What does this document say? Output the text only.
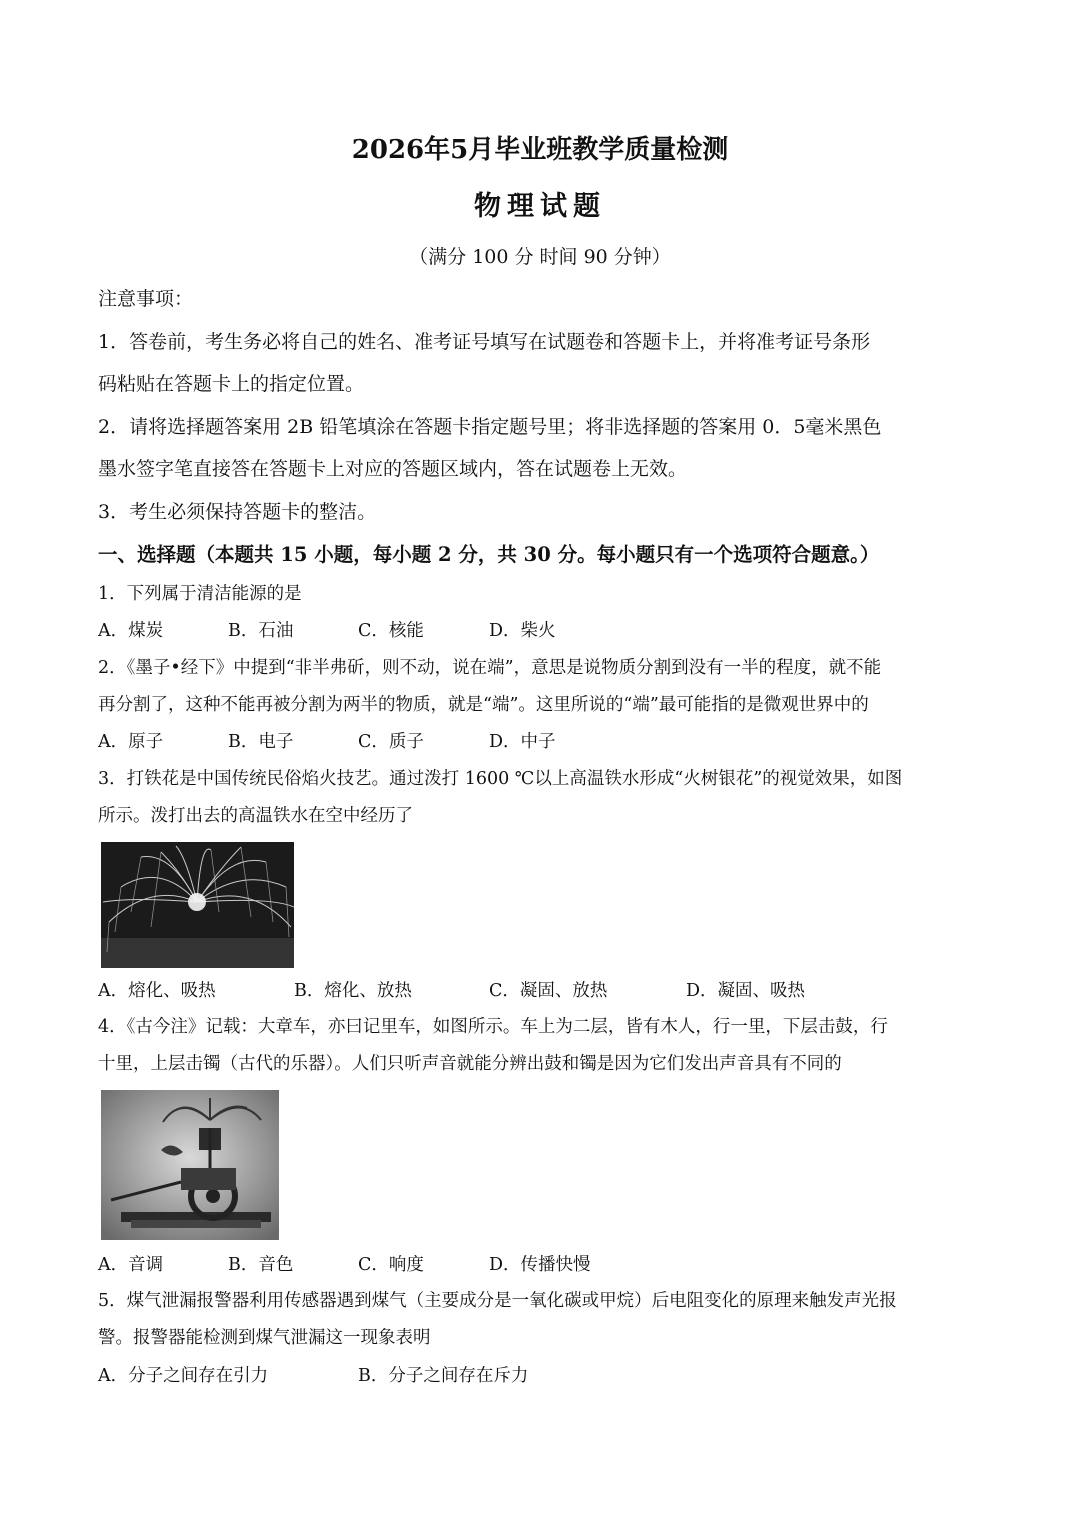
2026年5月毕业班教学质量检测
物理试题
（满分 100 分 时间 90 分钟）
注意事项：
1．答卷前，考生务必将自己的姓名、准考证号填写在试题卷和答题卡上，并将准考证号条形
码粘贴在答题卡上的指定位置。
2．请将选择题答案用 2B 铅笔填涂在答题卡指定题号里；将非选择题的答案用 0．5毫米黑色
墨水签字笔直接答在答题卡上对应的答题区域内，答在试题卷上无效。
3．考生必须保持答题卡的整洁。
一、选择题（本题共 15 小题，每小题 2 分，共 30 分。每小题只有一个选项符合题意。）
1．下列属于清洁能源的是
A．煤炭	B．石油	C．核能	D．柴火
2．《墨子•经下》中提到“非半弗斫，则不动，说在端”，意思是说物质分割到没有一半的程度，就不能
再分割了，这种不能再被分割为两半的物质，就是“端”。这里所说的“端”最可能指的是微观世界中的
A．原子	B．电子	C．质子	D．中子
3．打铁花是中国传统民俗焰火技艺。通过泼打 1600 ℃以上高温铁水形成“火树银花”的视觉效果，如图
所示。泼打出去的高温铁水在空中经历了
A．熔化、吸热	B．熔化、放热	C．凝固、放热	D．凝固、吸热
4．《古今注》记载：大章车，亦曰记里车，如图所示。车上为二层，皆有木人，行一里，下层击鼓，行
十里，上层击镯（古代的乐器）。人们只听声音就能分辨出鼓和镯是因为它们发出声音具有不同的
A．音调	B．音色	C．响度	D．传播快慢
5．煤气泄漏报警器利用传感器遇到煤气（主要成分是一氧化碳或甲烷）后电阻变化的原理来触发声光报
警。报警器能检测到煤气泄漏这一现象表明
A．分子之间存在引力	B．分子之间存在斥力
